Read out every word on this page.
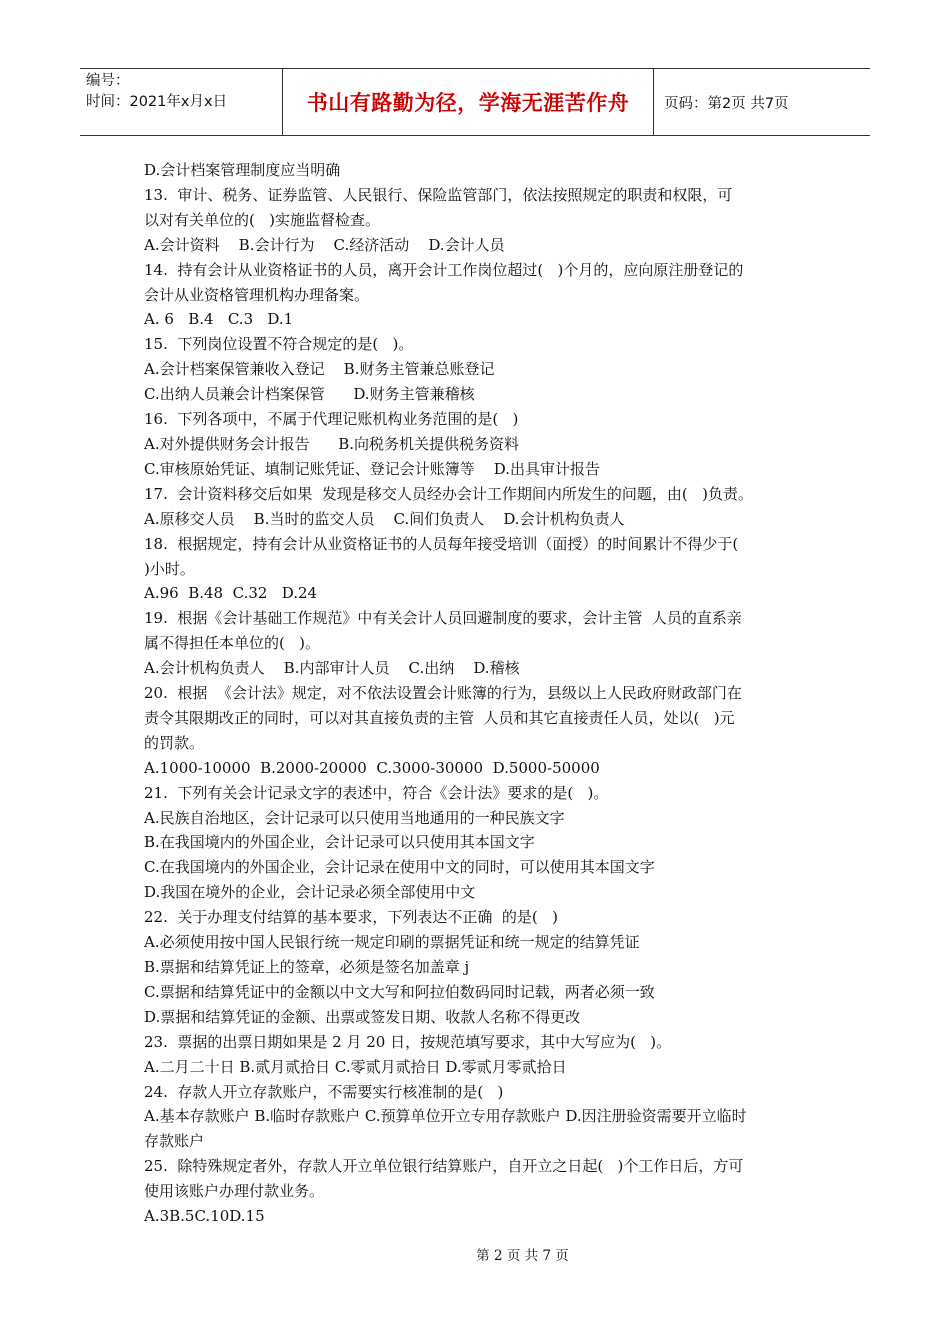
编号：
时间：2021年x月x日	书山有路勤为径，学海无涯苦作舟	页码：第2页 共7页
D.会计档案管理制度应当明确
13.  审计、税务、证券监管、人民银行、保险监管部门，依法按照规定的职责和权限，可
以对有关单位的(   )实施监督检查。
A.会计资料    B.会计行为    C.经济活动    D.会计人员
14.  持有会计从业资格证书的人员，离开会计工作岗位超过(   )个月的，应向原注册登记的
会计从业资格管理机构办理备案。
A. 6   B.4   C.3   D.1
15.  下列岗位设置不符合规定的是(   )。
A.会计档案保管兼收入登记    B.财务主管兼总账登记
C.出纳人员兼会计档案保管      D.财务主管兼稽核
16.  下列各项中，不属于代理记账机构业务范围的是(   )
A.对外提供财务会计报告      B.向税务机关提供税务资料
C.审核原始凭证、填制记账凭证、登记会计账簿等    D.出具审计报告
17.  会计资料移交后如果  发现是移交人员经办会计工作期间内所发生的问题，由(   )负责。
A.原移交人员    B.当时的监交人员    C.间们负责人    D.会计机构负责人
18.  根据规定，持有会计从业资格证书的人员每年接受培训（面授）的时间累计不得少于(
)小时。
A.96  B.48  C.32   D.24
19.  根据《会计基础工作规范》中有关会计人员回避制度的要求，会计主管  人员的直系亲
属不得担任本单位的(   )。
A.会计机构负责人    B.内部审计人员    C.出纳    D.稽核
20.  根据  《会计法》规定，对不依法设置会计账簿的行为，县级以上人民政府财政部门在
责令其限期改正的同时，可以对其直接负责的主管  人员和其它直接责任人员，处以(   )元
的罚款。
A.1000-10000  B.2000-20000  C.3000-30000  D.5000-50000
21.  下列有关会计记录文字的表述中，符合《会计法》要求的是(   )。
A.民族自治地区，会计记录可以只使用当地通用的一种民族文字
B.在我国境内的外国企业，会计记录可以只使用其本国文字
C.在我国境内的外国企业，会计记录在使用中文的同时，可以使用其本国文字
D.我国在境外的企业，会计记录必须全部使用中文
22.  关于办理支付结算的基本要求，下列表达不正确  的是(   )
A.必须使用按中国人民银行统一规定印刷的票据凭证和统一规定的结算凭证
B.票据和结算凭证上的签章，必须是签名加盖章 j
C.票据和结算凭证中的金额以中文大写和阿拉伯数码同时记载，两者必须一致
D.票据和结算凭证的金额、出票或签发日期、收款人名称不得更改
23.  票据的出票日期如果是 2 月 20 日，按规范填写要求，其中大写应为(   )。
A.二月二十日 B.贰月贰拾日 C.零贰月贰拾日 D.零贰月零贰拾日
24.  存款人开立存款账户，不需要实行核准制的是(   )
A.基本存款账户 B.临时存款账户 C.预算单位开立专用存款账户 D.因注册验资需要开立临时
存款账户
25.  除特殊规定者外，存款人开立单位银行结算账户，自开立之日起(   )个工作日后，方可
使用该账户办理付款业务。
A.3B.5C.10D.15
第 2 页 共 7 页
